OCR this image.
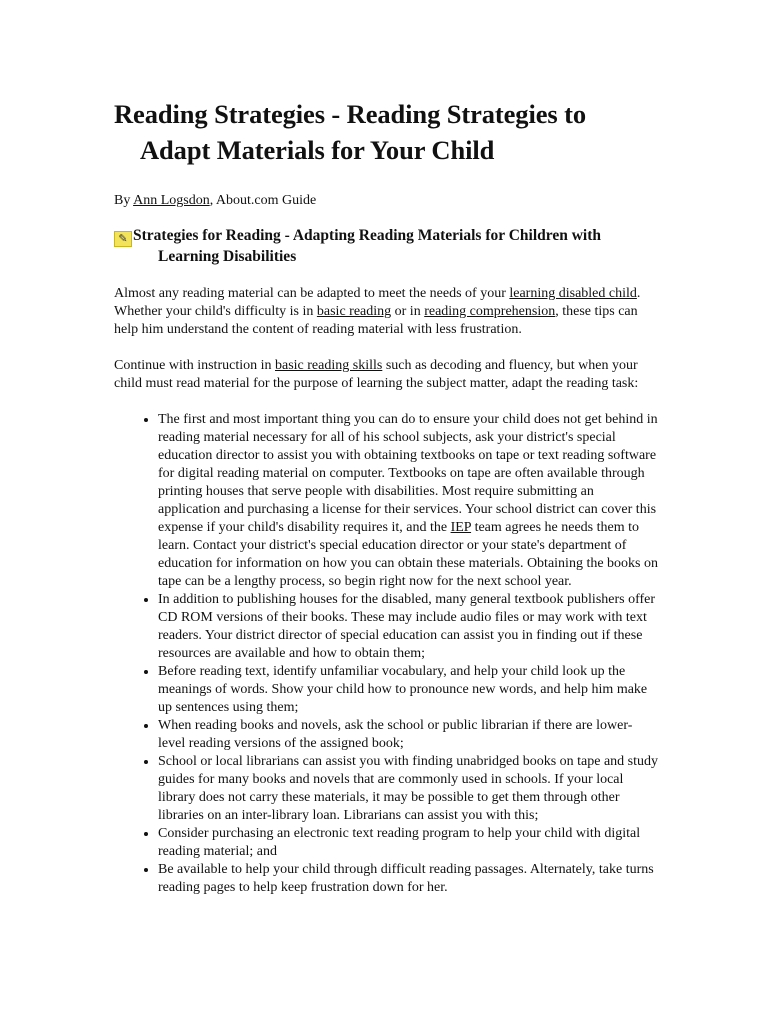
Reading Strategies - Reading Strategies to Adapt Materials for Your Child
By Ann Logsdon, About.com Guide
✎ Strategies for Reading - Adapting Reading Materials for Children with Learning Disabilities

Almost any reading material can be adapted to meet the needs of your learning disabled child. Whether your child's difficulty is in basic reading or in reading comprehension, these tips can help him understand the content of reading material with less frustration.

Continue with instruction in basic reading skills such as decoding and fluency, but when your child must read material for the purpose of learning the subject matter, adapt the reading task:

• The first and most important thing you can do to ensure your child does not get behind in reading material necessary for all of his school subjects, ask your district's special education director to assist you with obtaining textbooks on tape or text reading software for digital reading material on computer. Textbooks on tape are often available through printing houses that serve people with disabilities. Most require submitting an application and purchasing a license for their services. Your school district can cover this expense if your child's disability requires it, and the IEP team agrees he needs them to learn. Contact your district's special education director or your state's department of education for information on how you can obtain these materials. Obtaining the books on tape can be a lengthy process, so begin right now for the next school year.
• In addition to publishing houses for the disabled, many general textbook publishers offer CD ROM versions of their books. These may include audio files or may work with text readers. Your district director of special education can assist you in finding out if these resources are available and how to obtain them;
• Before reading text, identify unfamiliar vocabulary, and help your child look up the meanings of words. Show your child how to pronounce new words, and help him make up sentences using them;
• When reading books and novels, ask the school or public librarian if there are lower-level reading versions of the assigned book;
• School or local librarians can assist you with finding unabridged books on tape and study guides for many books and novels that are commonly used in schools. If your local library does not carry these materials, it may be possible to get them through other libraries on an inter-library loan. Librarians can assist you with this;
• Consider purchasing an electronic text reading program to help your child with digital reading material; and
• Be available to help your child through difficult reading passages. Alternately, take turns reading pages to help keep frustration down for her.
